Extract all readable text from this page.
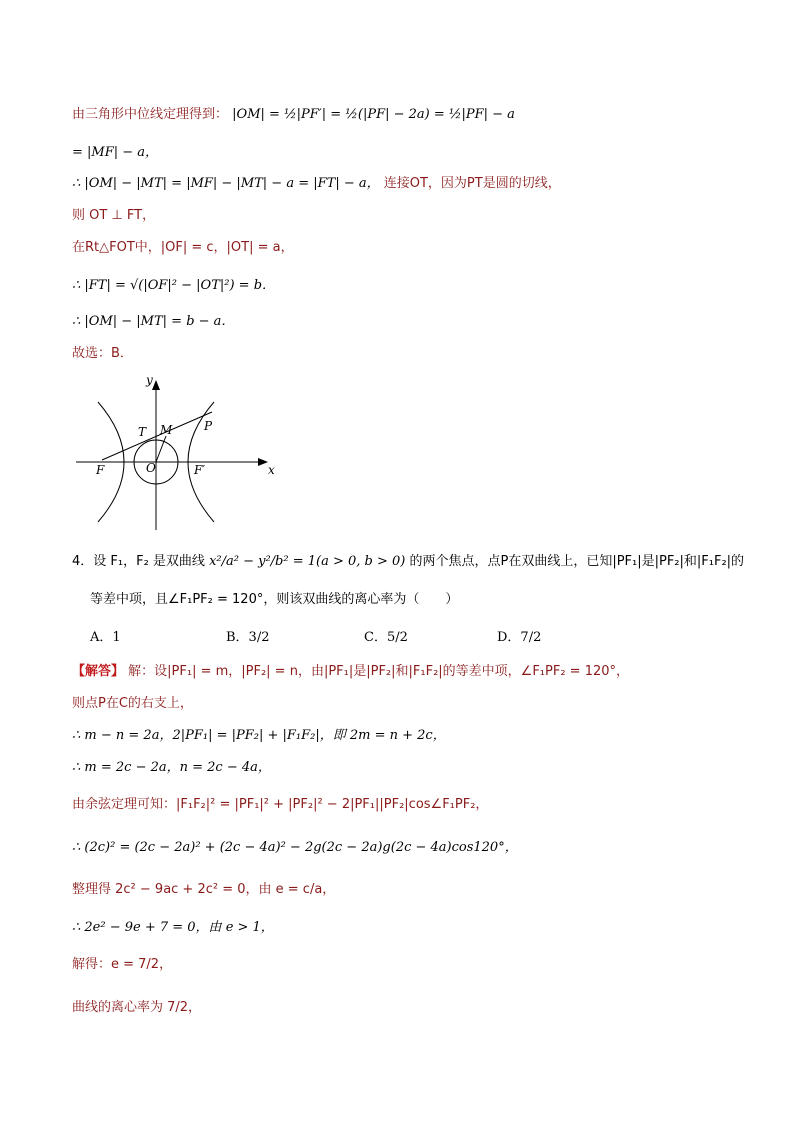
由三角形中位线定理得到： |OM| = ½|PF′| = ½(|PF| − 2a) = ½|PF| − a
= |MF| − a，
∴ |OM| − |MT| = |MF| − |MT| − a = |FT| − a， 连接OT，因为PT是圆的切线，
则 OT ⊥ FT，
在Rt△FOT中，|OF| = c，|OT| = a，
∴ |FT| = √(|OF|² − |OT|²) = b．
∴ |OM| − |MT| = b − a．
故选：B．
y
x
T M	P
F	O	F′
4．设 F₁，F₂ 是双曲线 x²/a² − y²/b² = 1(a > 0, b > 0) 的两个焦点，点P在双曲线上，已知|PF₁|是|PF₂|和|F₁F₂|的
等差中项，且∠F₁PF₂ = 120°，则该双曲线的离心率为（　　）
A．1	B．3/2	C．5/2	D．7/2
【解答】 解：设|PF₁| = m，|PF₂| = n，由|PF₁|是|PF₂|和|F₁F₂|的等差中项，∠F₁PF₂ = 120°，
则点P在C的右支上，
∴ m − n = 2a，2|PF₁| = |PF₂| + |F₁F₂|，即 2m = n + 2c，
∴ m = 2c − 2a，n = 2c − 4a，
由余弦定理可知：|F₁F₂|² = |PF₁|² + |PF₂|² − 2|PF₁||PF₂|cos∠F₁PF₂，
∴ (2c)² = (2c − 2a)² + (2c − 4a)² − 2g(2c − 2a)g(2c − 4a)cos120°，
整理得 2c² − 9ac + 2c² = 0，由 e = c/a，
∴ 2e² − 9e + 7 = 0，由 e > 1，
解得：e = 7/2，
曲线的离心率为 7/2，
